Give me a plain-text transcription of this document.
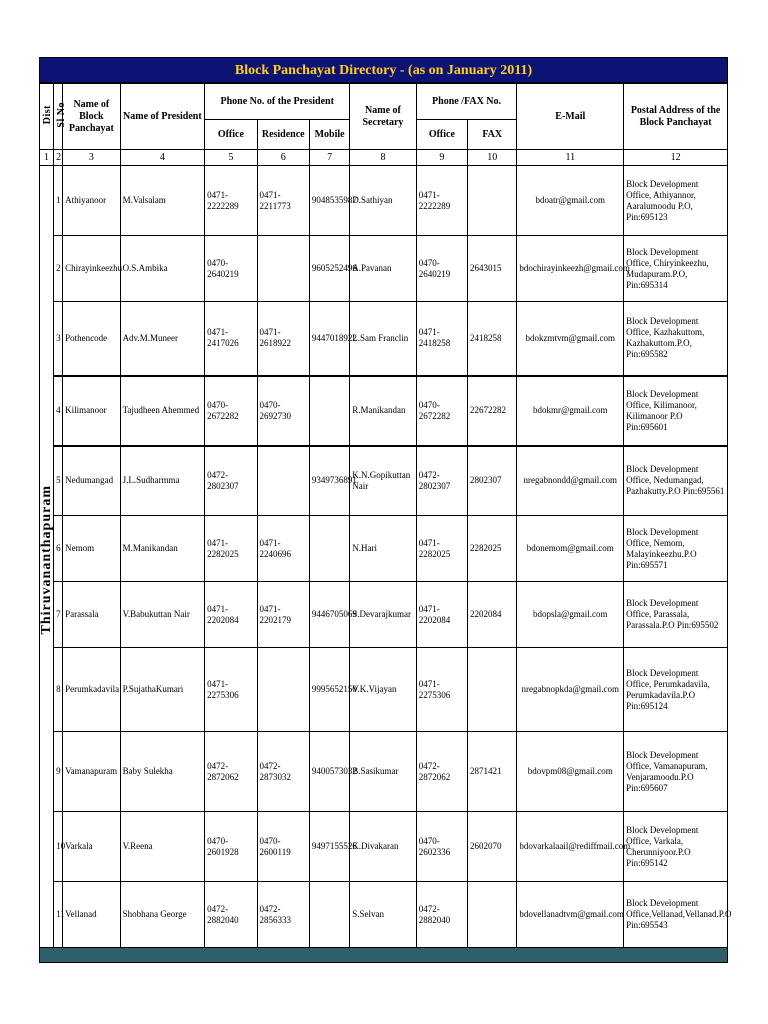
Block Panchayat Directory - (as on January 2011)
Dist	Sl No	Name of Block Panchayat	Name of President	Phone No. of the President			Name of Secretary	Phone /FAX No.		E-Mail	Postal Address of the Block Panchayat
				Office	Residence	Mobile		Office	FAX		
1	2	3	4	5	6	7	8	9	10	11	12

Thiruvananthapuram	1	Athiyanoor	M.Valsalam	0471-2222289	0471-2211773	9048535987	D.Sathiyan	0471-2222289		bdoatr@gmail.com	Block Development Office, Athiyannor, Aaralumoodu P.O, Pin:695123
	2	Chirayinkeezhu	O.S.Ambika	0470-2640219		9605252496	A.Pavanan	0470-2640219	2643015	bdochirayinkeezh@gmail.com	Block Development Office, Chiryinkeezhu, Mudapuram.P.O, Pin:695314
	3	Pothencode	Adv.M.Muneer	0471-2417026	0471-2618922	9447018922	L.Sam Franclin	0471-2418258	2418258	bdokzmtvm@gmail.com	Block Development Office, Kazhakuttom, Kazhakuttom.P.O, Pin:695582
	4	Kilimanoor	Tajudheen Ahemmed	0470-2672282	0470-2692730		R.Manikandan	0470-2672282	22672282	bdokmr@gmail.com	Block Development Office, Kilimanoor, Kilimanoor P.O Pin:695601
	5	Nedumangad	J.L.Sudharmma	0472-2802307		9349736891	K.N.Gopikuttan Nair	0472-2802307	2802307	nregabnondd@gmail.com	Block Development Office, Nedumangad, Pazhakutty.P.O Pin:695561
	6	Nemom	M.Manikandan	0471-2282025	0471-2240696		N.Hari	0471-2282025	2282025	bdonemom@gmail.com	Block Development Office, Nemom, Malayinkeezhu.P.O Pin:695571
	7	Parassala	V.Babukuttan Nair	0471-2202084	0471-2202179	9446705069	S.Devarajkumar	0471-2202084	2202084	bdopsla@gmail.com	Block Development Office, Parassala, Parassala.P.O Pin:695502
	8	Perumkadavila	P.SujathaKumari	0471-2275306		9995652150	V.K.Vijayan	0471-2275306		nregabnopkda@gmail.com	Block Development Office, Perumkadavila, Perumkadavila.P.O Pin:695124
	9	Vamanapuram	Baby Sulekha	0472-2872062	0472-2873032	9400573032	B.Sasikumar	0472-2872062	2871421	bdovpm08@gmail.com	Block Development Office, Vamanapuram, Venjaramoodu.P.O Pin:695607
	10	Varkala	V.Reena	0470-2601928	0470-2600119	9497155526	K.Divakaran	0470-2602336	2602070	bdovarkalaail@rediffmail.com	Block Development Office, Varkala, Cherunniyoor.P.O Pin:695142
	11	Vellanad	Shobhana George	0472-2882040	0472-2856333		S.Selvan	0472-2882040		bdovellanadtvm@gmail.com	Block Development Office,Vellanad,Vellanad.P.O Pin:695543
